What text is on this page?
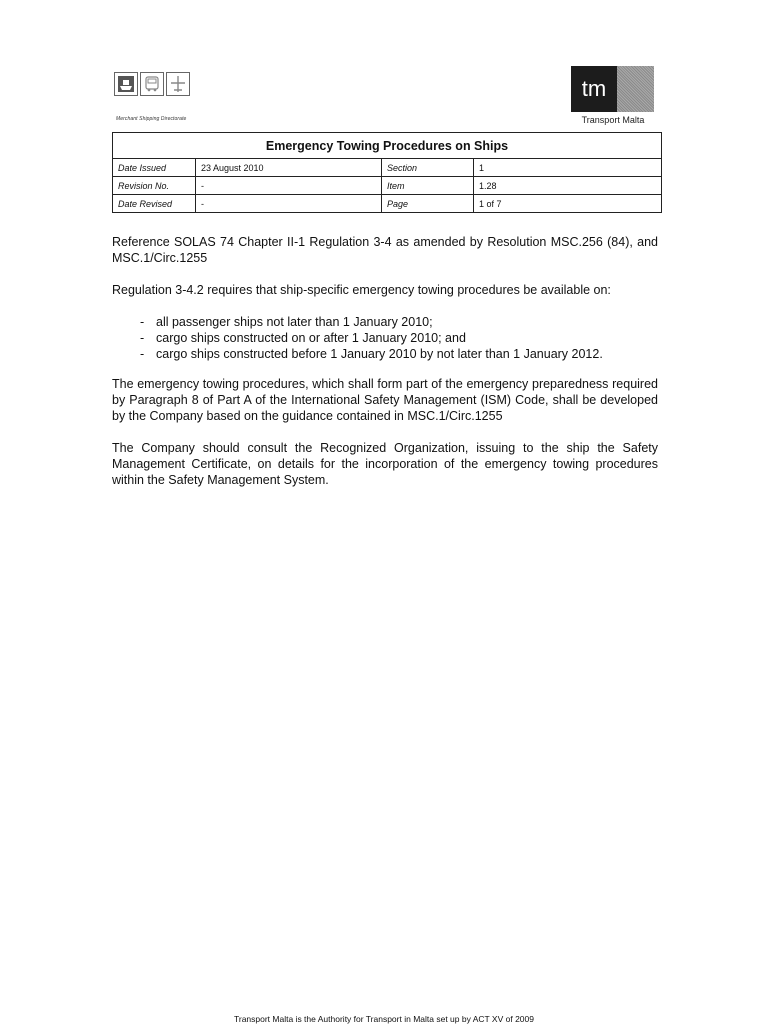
Merchant Shipping Directorate
tm
Transport Malta
Emergency Towing Procedures on Ships			
Date Issued	23 August 2010	Section	1
Revision No.	-	Item	1.28
Date Revised	-	Page	1 of 7

Reference SOLAS 74 Chapter II-1 Regulation 3-4 as amended by Resolution MSC.256 (84), and MSC.1/Circ.1255

Regulation 3-4.2 requires that ship-specific emergency towing procedures be available on:

- all passenger ships not later than 1 January 2010;
- cargo ships constructed on or after 1 January 2010; and
- cargo ships constructed before 1 January 2010 by not later than 1 January 2012.

The emergency towing procedures, which shall form part of the emergency preparedness required by Paragraph 8 of Part A of the International Safety Management (ISM) Code, shall be developed by the Company based on the guidance contained in MSC.1/Circ.1255

The Company should consult the Recognized Organization, issuing to the ship the Safety Management Certificate, on details for the incorporation of the emergency towing procedures within the Safety Management System.

Transport Malta is the Authority for Transport in Malta set up by ACT XV of 2009
